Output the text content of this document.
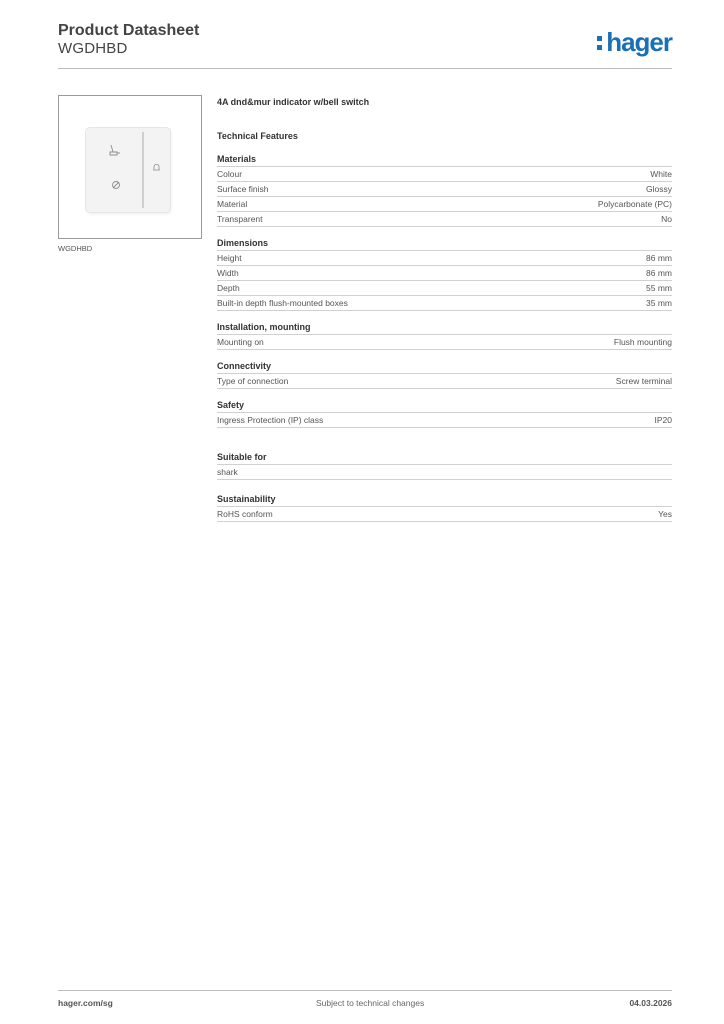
Product Datasheet
WGDHBD	hager
WGDHBD
4A dnd&mur indicator w/bell switch
Technical Features
Materials
Colour	White
Surface finish	Glossy
Material	Polycarbonate (PC)
Transparent	No
Dimensions
Height	86 mm
Width	86 mm
Depth	55 mm
Built-in depth flush-mounted boxes	35 mm
Installation, mounting
Mounting on	Flush mounting
Connectivity
Type of connection	Screw terminal
Safety
Ingress Protection (IP) class	IP20
Suitable for
shark
Sustainability
RoHS conform	Yes
hager.com/sg	Subject to technical changes	04.03.2026
